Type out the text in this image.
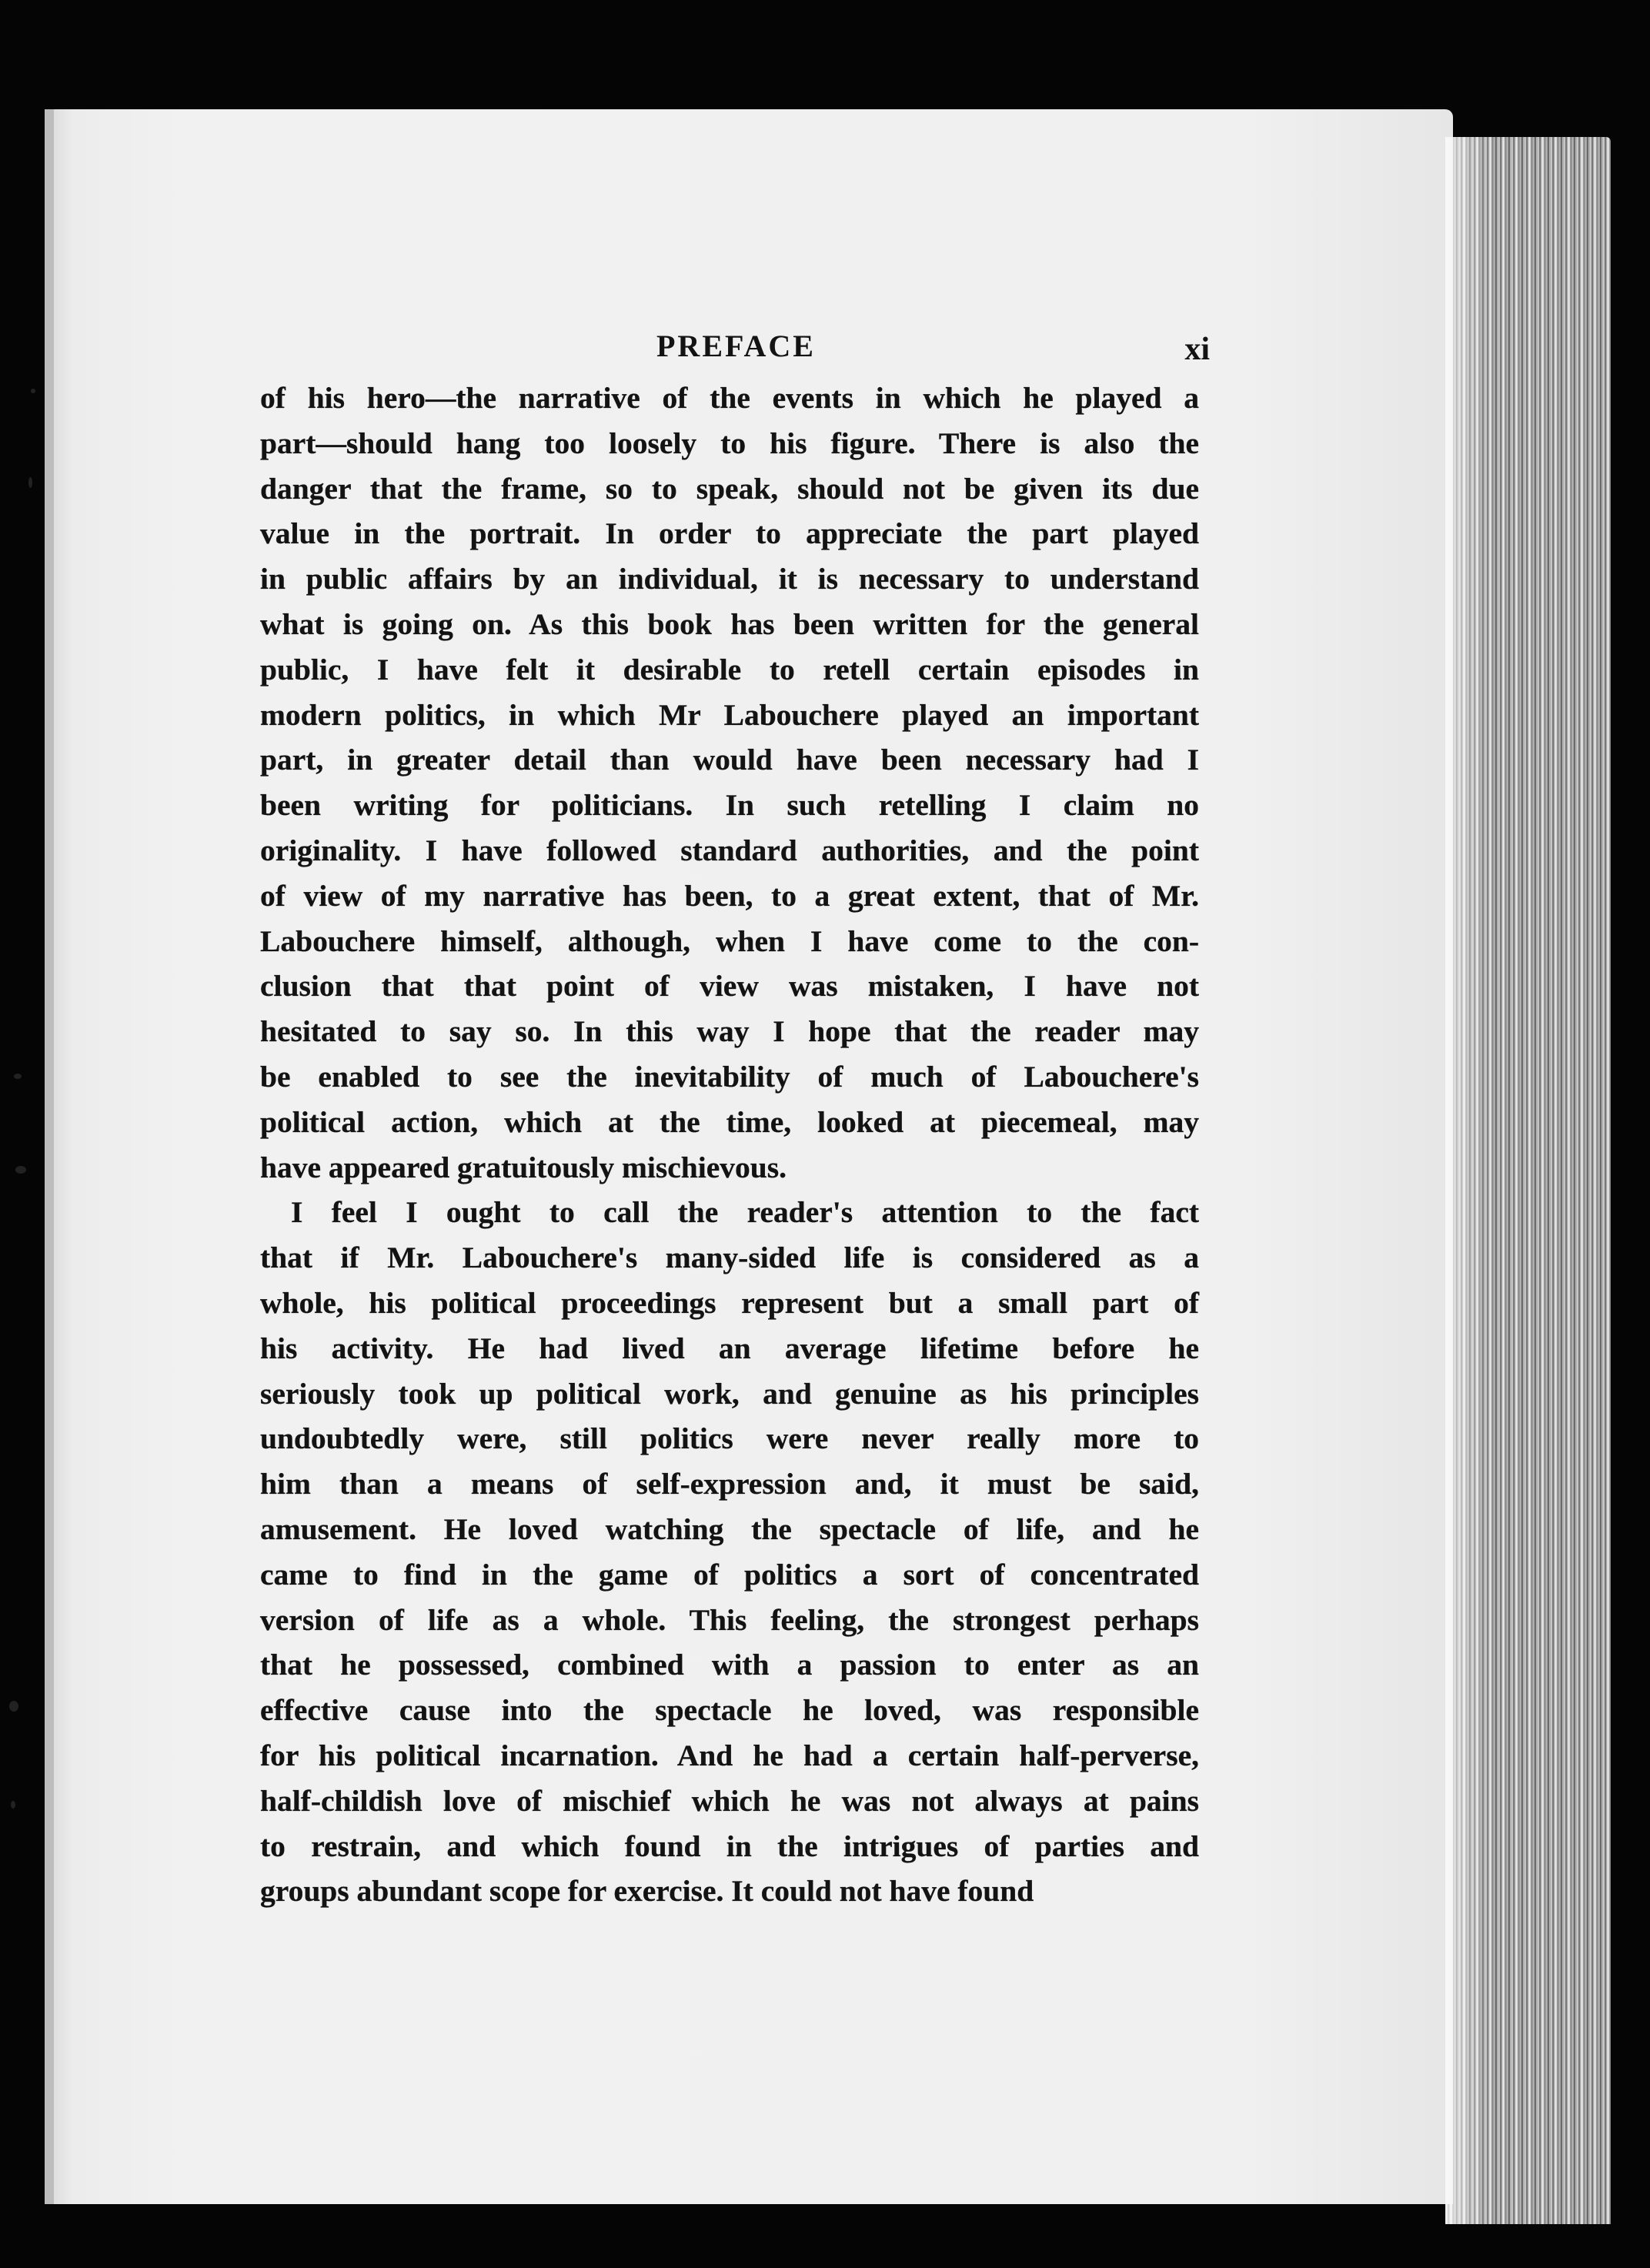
PREFACE	xi

of his hero—the narrative of the events in which he played a

part—should hang too loosely to his figure. There is also the

danger that the frame, so to speak, should not be given its due

value in the portrait. In order to appreciate the part played

in public affairs by an individual, it is necessary to understand

what is going on. As this book has been written for the general

public, I have felt it desirable to retell certain episodes in

modern politics, in which Mr Labouchere played an important

part, in greater detail than would have been necessary had I

been writing for politicians. In such retelling I claim no

originality. I have followed standard authorities, and the point

of view of my narrative has been, to a great extent, that of Mr.

Labouchere himself, although, when I have come to the con-

clusion that that point of view was mistaken, I have not

hesitated to say so. In this way I hope that the reader may

be enabled to see the inevitability of much of Labouchere's

political action, which at the time, looked at piecemeal, may

have appeared gratuitously mischievous.

I feel I ought to call the reader's attention to the fact

that if Mr. Labouchere's many-sided life is considered as a

whole, his political proceedings represent but a small part of

his activity. He had lived an average lifetime before he

seriously took up political work, and genuine as his principles

undoubtedly were, still politics were never really more to

him than a means of self-expression and, it must be said,

amusement. He loved watching the spectacle of life, and he

came to find in the game of politics a sort of concentrated

version of life as a whole. This feeling, the strongest perhaps

that he possessed, combined with a passion to enter as an

effective cause into the spectacle he loved, was responsible

for his political incarnation. And he had a certain half-perverse,

half-childish love of mischief which he was not always at pains

to restrain, and which found in the intrigues of parties and

groups abundant scope for exercise. It could not have found
